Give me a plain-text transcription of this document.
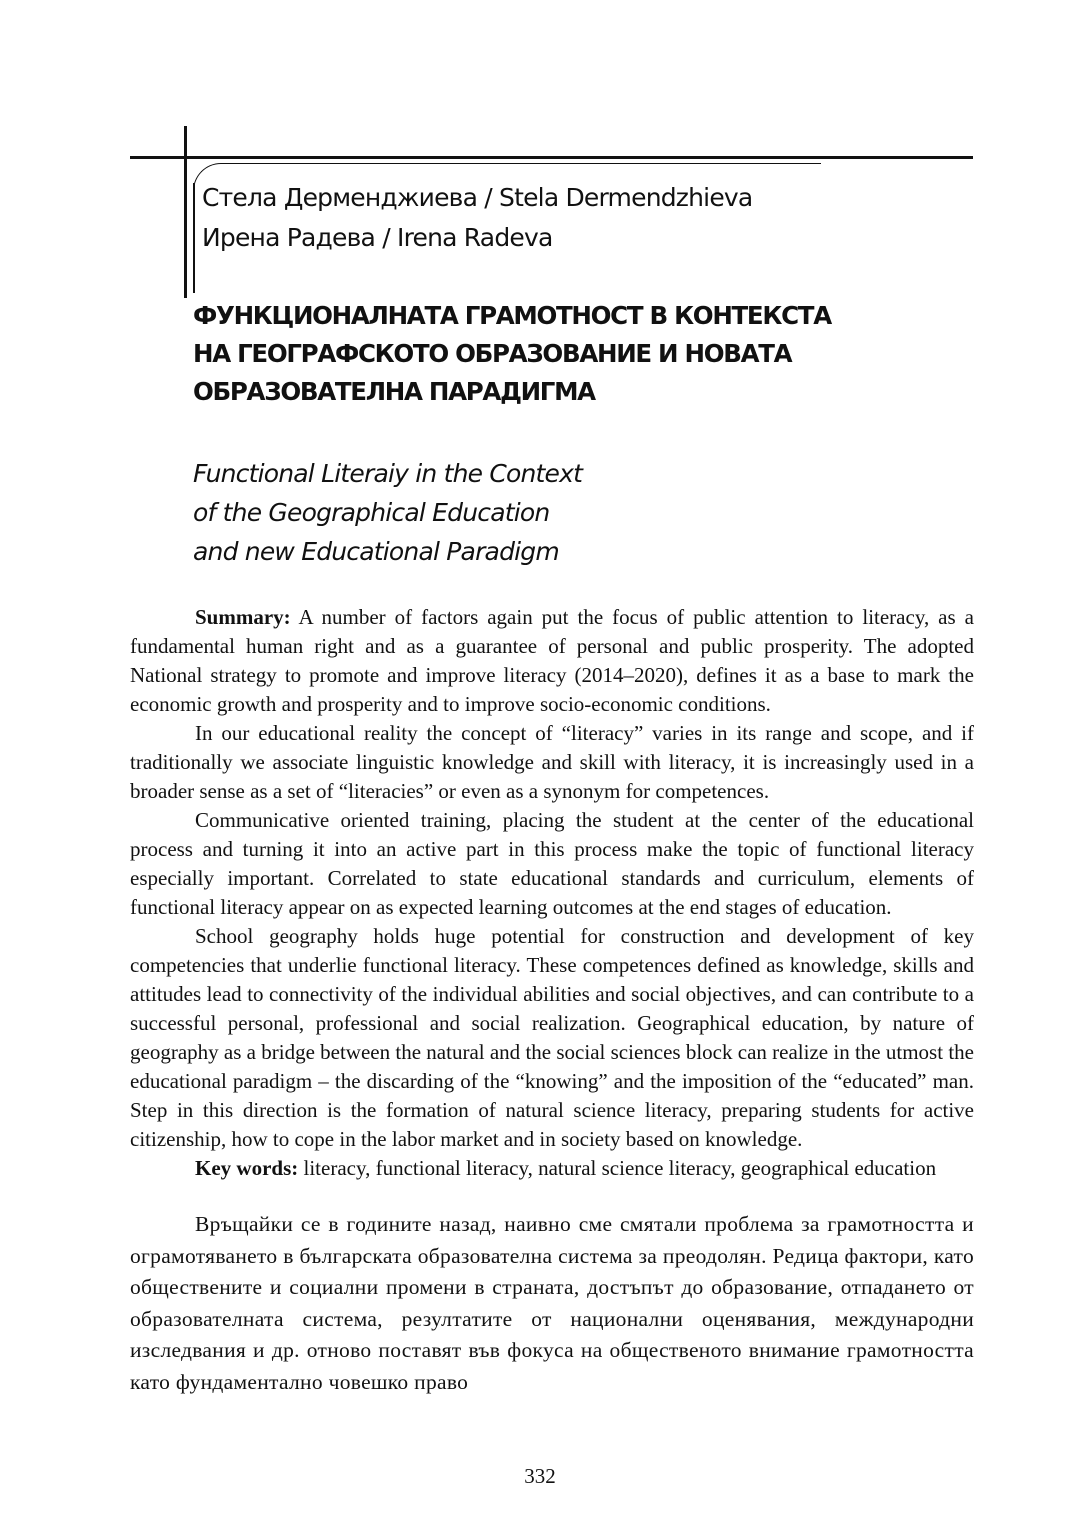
Стела Дерменджиева / Stela Dermendzhieva
Ирена Радева / Irena Radeva
ФУНКЦИОНАЛНАТА ГРАМОТНОСТ В КОНТЕКСТА
НА ГЕОГРАФСКОТО ОБРАЗОВАНИЕ И НОВАТА
ОБРАЗОВАТЕЛНА ПАРАДИГМА
Functional Literaiy in the Context
of the Geographical Education
and new Educational Paradigm

Summary: A number of factors again put the focus of public attention to literacy, as a fundamental human right and as a guarantee of personal and public prosperity. The adopted National strategy to promote and improve literacy (2014–2020), defines it as a base to mark the economic growth and prosperity and to improve socio-economic conditions.

In our educational reality the concept of “literacy” varies in its range and scope, and if traditionally we associate linguistic knowledge and skill with literacy, it is increasingly used in a broader sense as a set of “literacies” or even as a synonym for competences.

Communicative oriented training, placing the student at the center of the educational process and turning it into an active part in this process make the topic of functional literacy especially important. Correlated to state educational standards and curriculum, elements of functional literacy appear on as expected learning outcomes at the end stages of education.

School geography holds huge potential for construction and development of key competencies that underlie functional literacy. These competences defined as knowledge, skills and attitudes lead to connectivity of the individual abilities and social objectives, and can contribute to a successful personal, professional and social realization. Geographical education, by nature of geography as a bridge between the natural and the social sciences block can realize in the utmost the educational paradigm – the discarding of the “knowing” and the imposition of the “educated” man. Step in this direction is the formation of natural science literacy, preparing students for active citizenship, how to cope in the labor market and in society based on knowledge.

Key words: literacy, functional literacy, natural science literacy, geographical education

Връщайки се в годините назад, наивно сме смятали проблема за грамотността и ограмотяването в българската образователна система за преодолян. Редица фактори, като обществените и социални промени в страната, достъпът до образование, отпадането от образователната система, резултатите от национални оценявания, международни изследвания и др. отново поставят във фокуса на общественото внимание грамотността като фундаментално човешко право

332
